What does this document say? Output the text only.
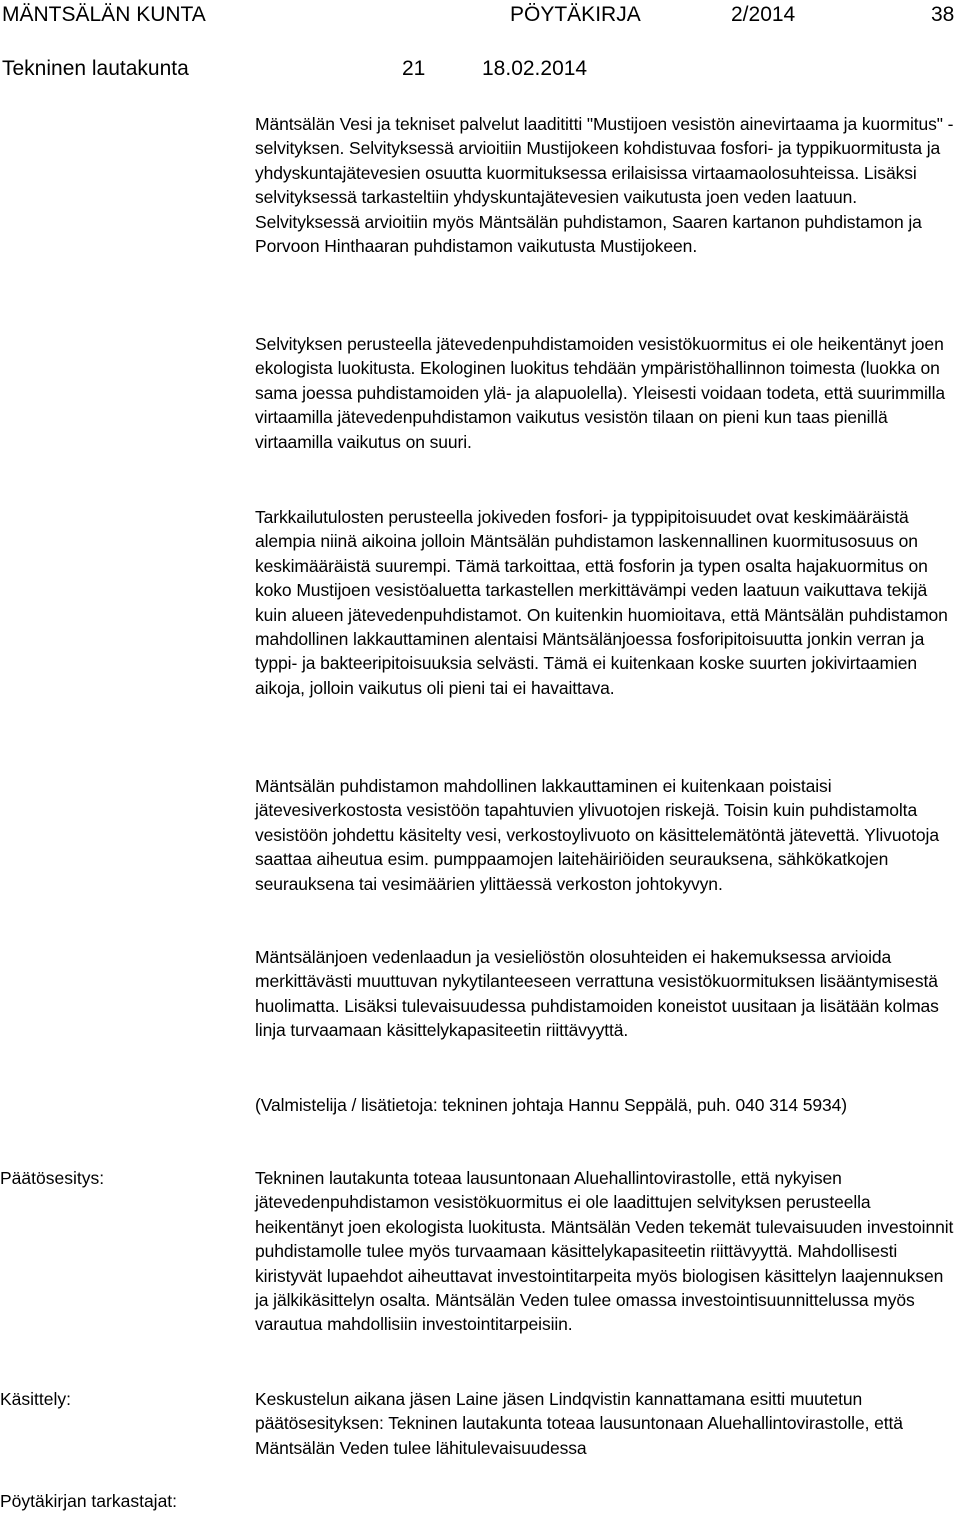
MÄNTSÄLÄN KUNTA	PÖYTÄKIRJA	2/2014	38
Tekninen lautakunta	21	18.02.2014

Mäntsälän Vesi ja tekniset palvelut laadititti "Mustijoen vesistön ainevirtaama ja kuormitus" - selvityksen. Selvityksessä arvioitiin Mustijokeen kohdistuvaa fosfori- ja typpikuormitusta ja yhdyskuntajätevesien osuutta kuormituksessa erilaisissa virtaamaolosuhteissa. Lisäksi selvityksessä tarkasteltiin yhdyskuntajätevesien vaikutusta joen veden laatuun. Selvityksessä arvioitiin myös Mäntsälän puhdistamon, Saaren kartanon puhdistamon ja Porvoon Hinthaaran puhdistamon vaikutusta Mustijokeen.

Selvityksen perusteella jätevedenpuhdistamoiden vesistökuormitus ei ole heikentänyt joen ekologista luokitusta. Ekologinen luokitus tehdään ympäristöhallinnon toimesta (luokka on sama joessa puhdistamoiden ylä- ja alapuolella). Yleisesti voidaan todeta, että suurimmilla virtaamilla jätevedenpuhdistamon vaikutus vesistön tilaan on pieni kun taas pienillä virtaamilla vaikutus on suuri.

Tarkkailutulosten perusteella jokiveden fosfori- ja typpipitoisuudet ovat keskimääräistä alempia niinä aikoina jolloin Mäntsälän puhdistamon laskennallinen kuormitusosuus on keskimääräistä suurempi. Tämä tarkoittaa, että fosforin ja typen osalta hajakuormitus on koko Mustijoen vesistöaluetta tarkastellen merkittävämpi veden laatuun vaikuttava tekijä kuin alueen jätevedenpuhdistamot. On kuitenkin huomioitava, että Mäntsälän puhdistamon mahdollinen lakkauttaminen alentaisi Mäntsälänjoessa fosforipitoisuutta jonkin verran ja typpi- ja bakteeripitoisuuksia selvästi. Tämä ei kuitenkaan koske suurten jokivirtaamien aikoja, jolloin vaikutus oli pieni tai ei havaittava.

Mäntsälän puhdistamon mahdollinen lakkauttaminen ei kuitenkaan poistaisi jätevesiverkostosta vesistöön tapahtuvien ylivuotojen riskejä. Toisin kuin puhdistamolta vesistöön johdettu käsitelty vesi, verkostoylivuoto on käsittelemätöntä jätevettä. Ylivuotoja saattaa aiheutua esim. pumppaamojen laitehäiriöiden seurauksena, sähkökatkojen seurauksena tai vesimäärien ylittäessä verkoston johtokyvyn.

Mäntsälänjoen vedenlaadun ja vesieliöstön olosuhteiden ei hakemuksessa arvioida merkittävästi muuttuvan nykytilanteeseen verrattuna vesistökuormituksen lisääntymisestä huolimatta. Lisäksi tulevaisuudessa puhdistamoiden koneistot uusitaan ja lisätään kolmas linja turvaamaan käsittelykapasiteetin riittävyyttä.

(Valmistelija / lisätietoja: tekninen johtaja Hannu Seppälä, puh. 040 314 5934)

Päätösesitys:	Tekninen lautakunta toteaa lausuntonaan Aluehallintovirastolle, että nykyisen jätevedenpuhdistamon vesistökuormitus ei ole laadittujen selvityksen perusteella heikentänyt joen ekologista luokitusta. Mäntsälän Veden tekemät tulevaisuuden investoinnit puhdistamolle tulee myös turvaamaan käsittelykapasiteetin riittävyyttä. Mahdollisesti kiristyvät lupaehdot aiheuttavat investointitarpeita myös biologisen käsittelyn laajennuksen ja jälkikäsittelyn osalta. Mäntsälän Veden tulee omassa investointisuunnittelussa myös varautua mahdollisiin investointitarpeisiin.

Käsittely:	Keskustelun aikana jäsen Laine jäsen Lindqvistin kannattamana esitti muutetun päätösesityksen: Tekninen lautakunta toteaa lausuntonaan Aluehallintovirastolle, että Mäntsälän Veden tulee lähitulevaisuudessa

Pöytäkirjan tarkastajat:
